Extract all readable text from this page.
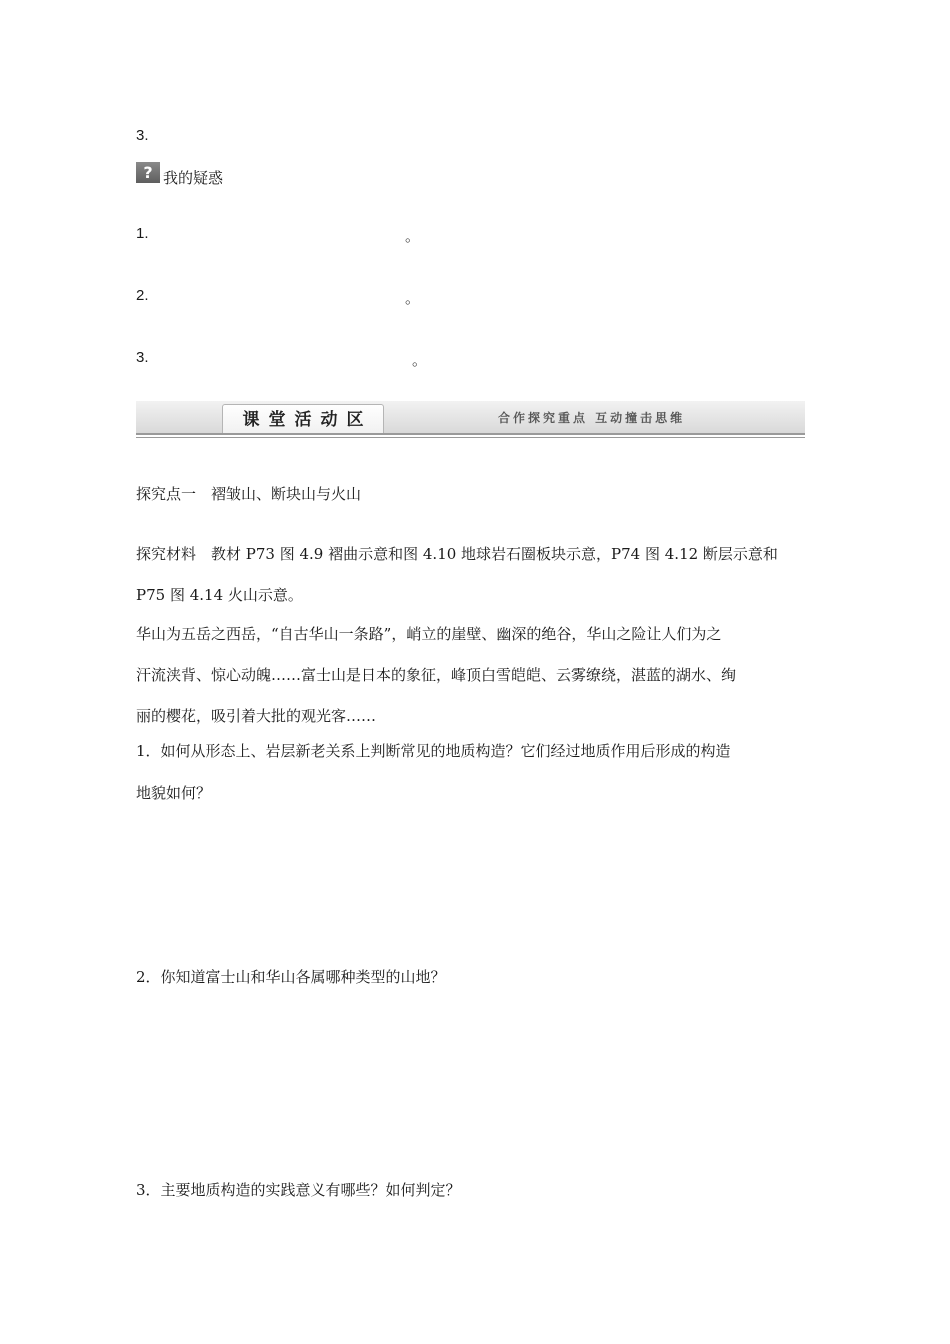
3.
? 我的疑惑
1.	。
2.	。
3.	。
课堂活动区	合作探究重点 互动撞击思维
探究点一　褶皱山、断块山与火山
探究材料　教材 P73 图 4.9 褶曲示意和图 4.10 地球岩石圈板块示意，P74 图 4.12 断层示意和
P75 图 4.14 火山示意。
华山为五岳之西岳，“自古华山一条路”，峭立的崖壁、幽深的绝谷，华山之险让人们为之
汗流浃背、惊心动魄……富士山是日本的象征，峰顶白雪皑皑、云雾缭绕，湛蓝的湖水、绚
丽的樱花，吸引着大批的观光客……
1．如何从形态上、岩层新老关系上判断常见的地质构造？它们经过地质作用后形成的构造
地貌如何？
2．你知道富士山和华山各属哪种类型的山地？
3．主要地质构造的实践意义有哪些？如何判定？
